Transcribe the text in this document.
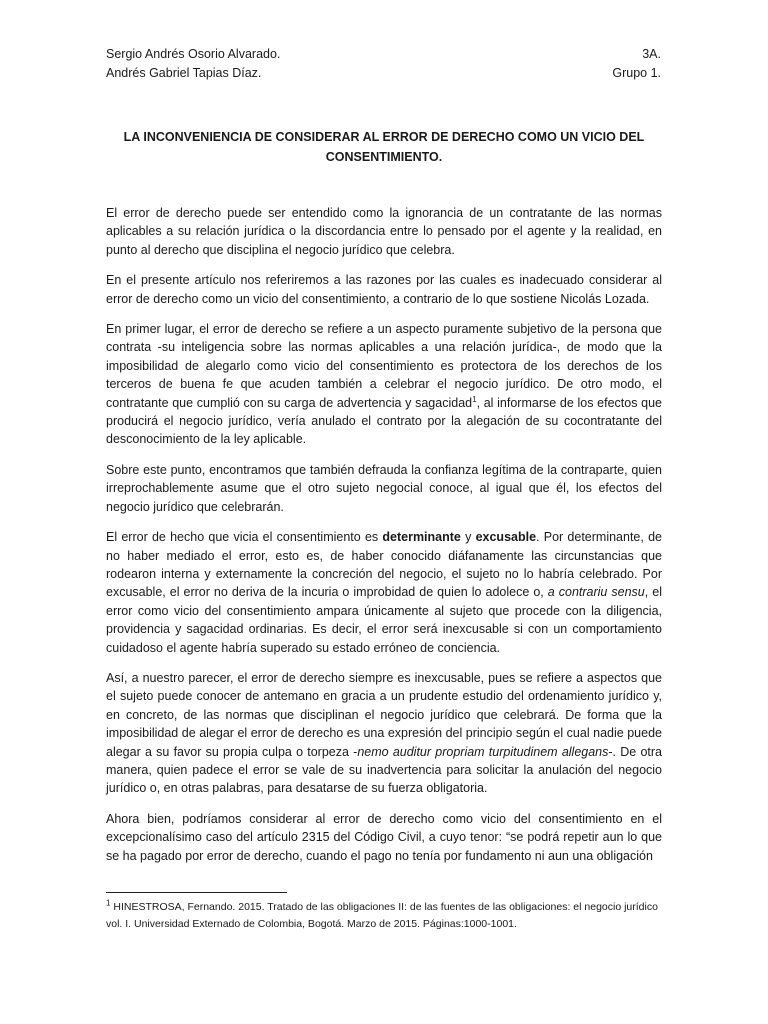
Sergio Andrés Osorio Alvarado.	3A.
Andrés Gabriel Tapias Díaz.	Grupo 1.
LA INCONVENIENCIA DE CONSIDERAR AL ERROR DE DERECHO COMO UN VICIO DEL CONSENTIMIENTO.

El error de derecho puede ser entendido como la ignorancia de un contratante de las normas aplicables a su relación jurídica o la discordancia entre lo pensado por el agente y la realidad, en punto al derecho que disciplina el negocio jurídico que celebra.

En el presente artículo nos referiremos a las razones por las cuales es inadecuado considerar al error de derecho como un vicio del consentimiento, a contrario de lo que sostiene Nicolás Lozada.

En primer lugar, el error de derecho se refiere a un aspecto puramente subjetivo de la persona que contrata -su inteligencia sobre las normas aplicables a una relación jurídica-, de modo que la imposibilidad de alegarlo como vicio del consentimiento es protectora de los derechos de los terceros de buena fe que acuden también a celebrar el negocio jurídico. De otro modo, el contratante que cumplió con su carga de advertencia y sagacidad$^1$, al informarse de los efectos que producirá el negocio jurídico, vería anulado el contrato por la alegación de su cocontratante del desconocimiento de la ley aplicable.

Sobre este punto, encontramos que también defrauda la confianza legítima de la contraparte, quien irreprochablemente asume que el otro sujeto negocial conoce, al igual que él, los efectos del negocio jurídico que celebrarán.

El error de hecho que vicia el consentimiento es determinante y excusable. Por determinante, de no haber mediado el error, esto es, de haber conocido diáfanamente las circunstancias que rodearon interna y externamente la concreción del negocio, el sujeto no lo habría celebrado. Por excusable, el error no deriva de la incuria o improbidad de quien lo adolece o, a contrariu sensu, el error como vicio del consentimiento ampara únicamente al sujeto que procede con la diligencia, providencia y sagacidad ordinarias. Es decir, el error será inexcusable si con un comportamiento cuidadoso el agente habría superado su estado erróneo de conciencia.

Así, a nuestro parecer, el error de derecho siempre es inexcusable, pues se refiere a aspectos que el sujeto puede conocer de antemano en gracia a un prudente estudio del ordenamiento jurídico y, en concreto, de las normas que disciplinan el negocio jurídico que celebrará. De forma que la imposibilidad de alegar el error de derecho es una expresión del principio según el cual nadie puede alegar a su favor su propia culpa o torpeza -nemo auditur propriam turpitudinem allegans-. De otra manera, quien padece el error se vale de su inadvertencia para solicitar la anulación del negocio jurídico o, en otras palabras, para desatarse de su fuerza obligatoria.

Ahora bien, podríamos considerar al error de derecho como vicio del consentimiento en el excepcionalísimo caso del artículo 2315 del Código Civil, a cuyo tenor: “se podrá repetir aun lo que se ha pagado por error de derecho, cuando el pago no tenía por fundamento ni aun una obligación

$^1$ HINESTROSA, Fernando. 2015. Tratado de las obligaciones II: de las fuentes de las obligaciones: el negocio jurídico vol. I. Universidad Externado de Colombia, Bogotá. Marzo de 2015. Páginas:1000-1001.
